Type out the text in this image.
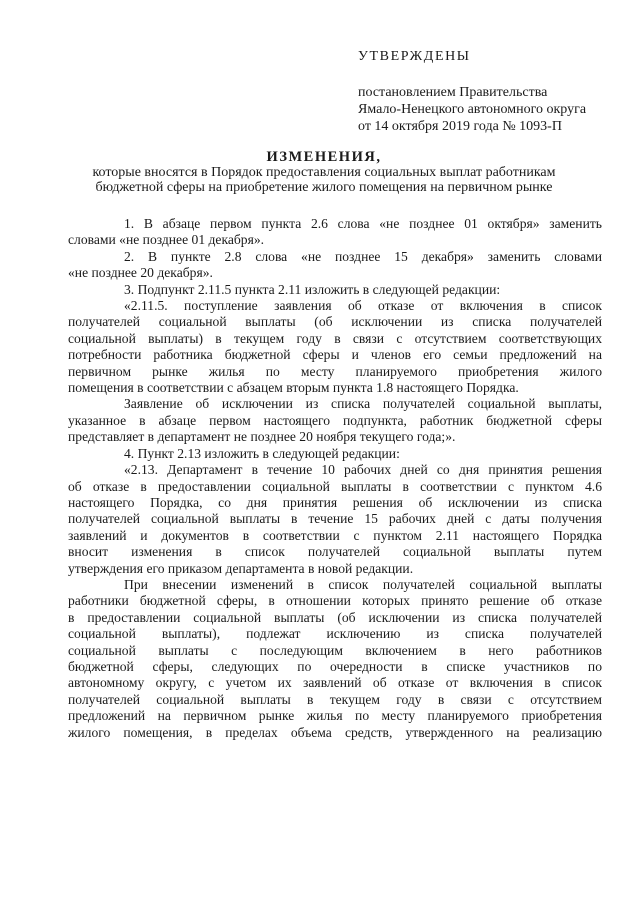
УТВЕРЖДЕНЫ
постановлением Правительства
Ямало-Ненецкого автономного округа
от 14 октября 2019 года № 1093-П
ИЗМЕНЕНИЯ,
которые вносятся в Порядок предоставления социальных выплат работникам
бюджетной сферы на приобретение жилого помещения на первичном рынке
1. В абзаце первом пункта 2.6 слова «не позднее 01 октября» заменить
словами «не позднее 01 декабря».
2. В пункте 2.8 слова «не позднее 15 декабря» заменить словами
«не позднее 20 декабря».
3. Подпункт 2.11.5 пункта 2.11 изложить в следующей редакции:
«2.11.5. поступление заявления об отказе от включения в список
получателей социальной выплаты (об исключении из списка получателей
социальной выплаты) в текущем году в связи с отсутствием соответствующих
потребности работника бюджетной сферы и членов его семьи предложений на
первичном рынке жилья по месту планируемого приобретения жилого
помещения в соответствии с абзацем вторым пункта 1.8 настоящего Порядка.
Заявление об исключении из списка получателей социальной выплаты,
указанное в абзаце первом настоящего подпункта, работник бюджетной сферы
представляет в департамент не позднее 20 ноября текущего года;».
4. Пункт 2.13 изложить в следующей редакции:
«2.13. Департамент в течение 10 рабочих дней со дня принятия решения
об отказе в предоставлении социальной выплаты в соответствии с пунктом 4.6
настоящего Порядка, со дня принятия решения об исключении из списка
получателей социальной выплаты в течение 15 рабочих дней с даты получения
заявлений и документов в соответствии с пунктом 2.11 настоящего Порядка
вносит изменения в список получателей социальной выплаты путем
утверждения его приказом департамента в новой редакции.
При внесении изменений в список получателей социальной выплаты
работники бюджетной сферы, в отношении которых принято решение об отказе
в предоставлении социальной выплаты (об исключении из списка получателей
социальной выплаты), подлежат исключению из списка получателей
социальной выплаты с последующим включением в него работников
бюджетной сферы, следующих по очередности в списке участников по
автономному округу, с учетом их заявлений об отказе от включения в список
получателей социальной выплаты в текущем году в связи с отсутствием
предложений на первичном рынке жилья по месту планируемого приобретения
жилого помещения, в пределах объема средств, утвержденного на реализацию
